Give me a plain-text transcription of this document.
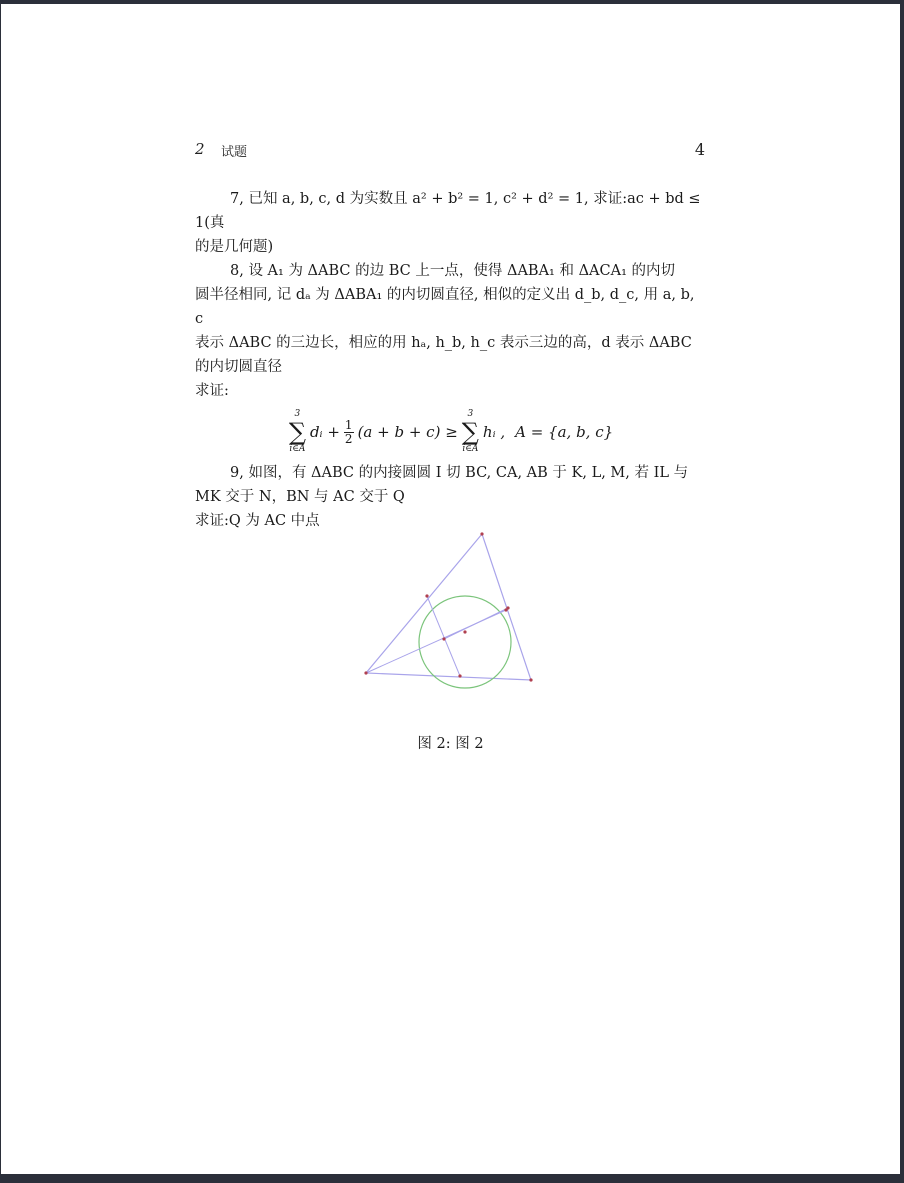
2 试题	4

7, 已知 a, b, c, d 为实数且 a² + b² = 1, c² + d² = 1, 求证:ac + bd ≤ 1(真

的是几何题)

8, 设 A₁ 为 ΔABC 的边 BC 上一点，使得 ΔABA₁ 和 ΔACA₁ 的内切

圆半径相同, 记 dₐ 为 ΔABA₁ 的内切圆直径, 相似的定义出 d_b, d_c, 用 a, b, c

表示 ΔABC 的三边长，相应的用 hₐ, h_b, h_c 表示三边的高，d 表示 ΔABC

的内切圆直径

求证:

3
∑
i∈A
dᵢ + $\frac{1}{2} (a + b + c)$ ≥
3
∑
i∈A
hᵢ , A = {a, b, c}

9, 如图，有 ΔABC 的内接圆圆 I 切 BC, CA, AB 于 K, L, M, 若 IL 与

MK 交于 N，BN 与 AC 交于 Q

求证:Q 为 AC 中点

图 2: 图 2
